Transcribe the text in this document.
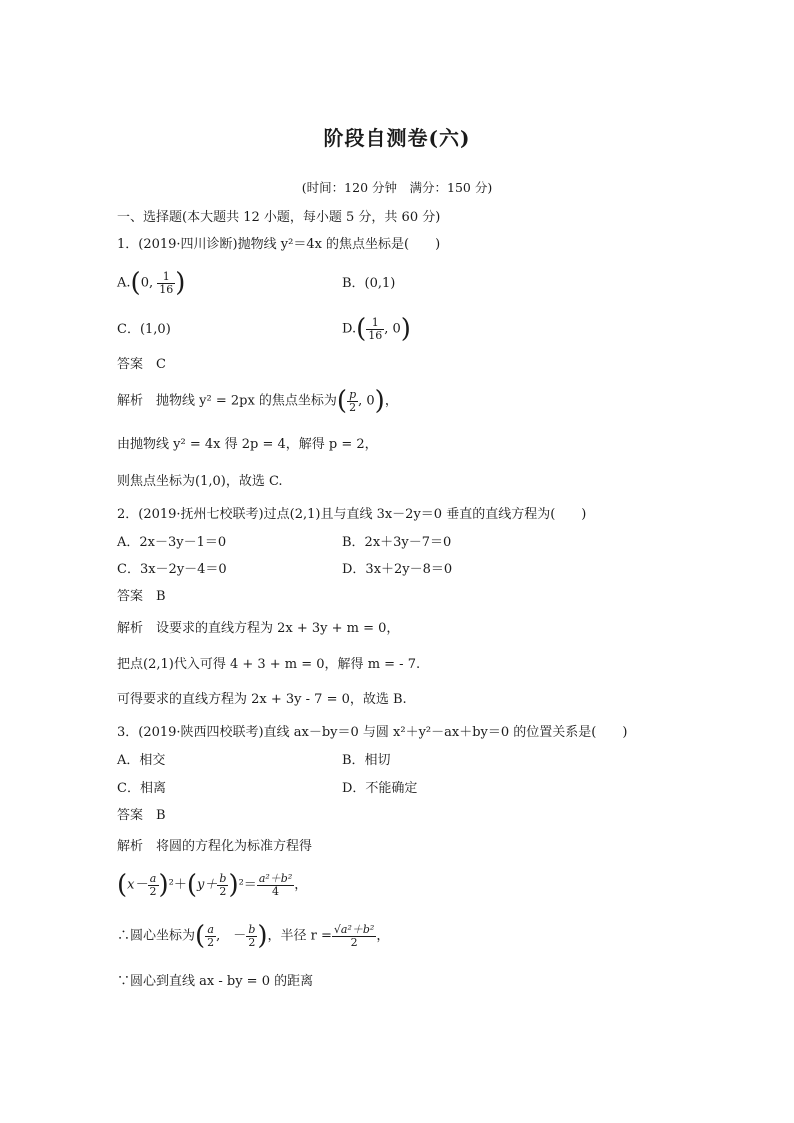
阶段自测卷(六)
(时间：120 分钟　满分：150 分)
一、选择题(本大题共 12 小题，每小题 5 分，共 60 分)
1．(2019·四川诊断)抛物线 y²＝4x 的焦点坐标是(　　)
A.(0, $\frac{1}{16}$ )	B．(0,1)
C．(1,0)	$D.( \frac{1}{16}$ , 0)
答案　C
解析　抛物线 y² = 2px 的焦点坐标为( $\frac{p}{2}$ , 0)，
由抛物线 y² = 4x 得 2p = 4，解得 p = 2，
则焦点坐标为(1,0)，故选 C.
2．(2019·抚州七校联考)过点(2,1)且与直线 3x－2y＝0 垂直的直线方程为(　　)
A．2x－3y－1＝0	B．2x＋3y－7＝0
C．3x－2y－4＝0	D．3x＋2y－8＝0
答案　B
解析　设要求的直线方程为 2x + 3y + m = 0，
把点(2,1)代入可得 4 + 3 + m = 0，解得 m = - 7.
可得要求的直线方程为 2x + 3y - 7 = 0，故选 B.
3．(2019·陕西四校联考)直线 ax－by＝0 与圆 x²＋y²－ax＋by＝0 的位置关系是(　　)
A．相交	B．相切
C．相离	D．不能确定
答案　B
解析　将圆的方程化为标准方程得
$(x- \frac{a}{2} )^2+(y+ \frac{b}{2} )^2= \frac{\text{a²＋b²}}{4}$ ，
∴圆心坐标为( $\frac{a}{2}$ ,　－ $\frac{b}{2}$ )，半径 $r = \frac{\text{√a²＋b²}}{2}$ ，
∵圆心到直线 ax - by = 0 的距离
